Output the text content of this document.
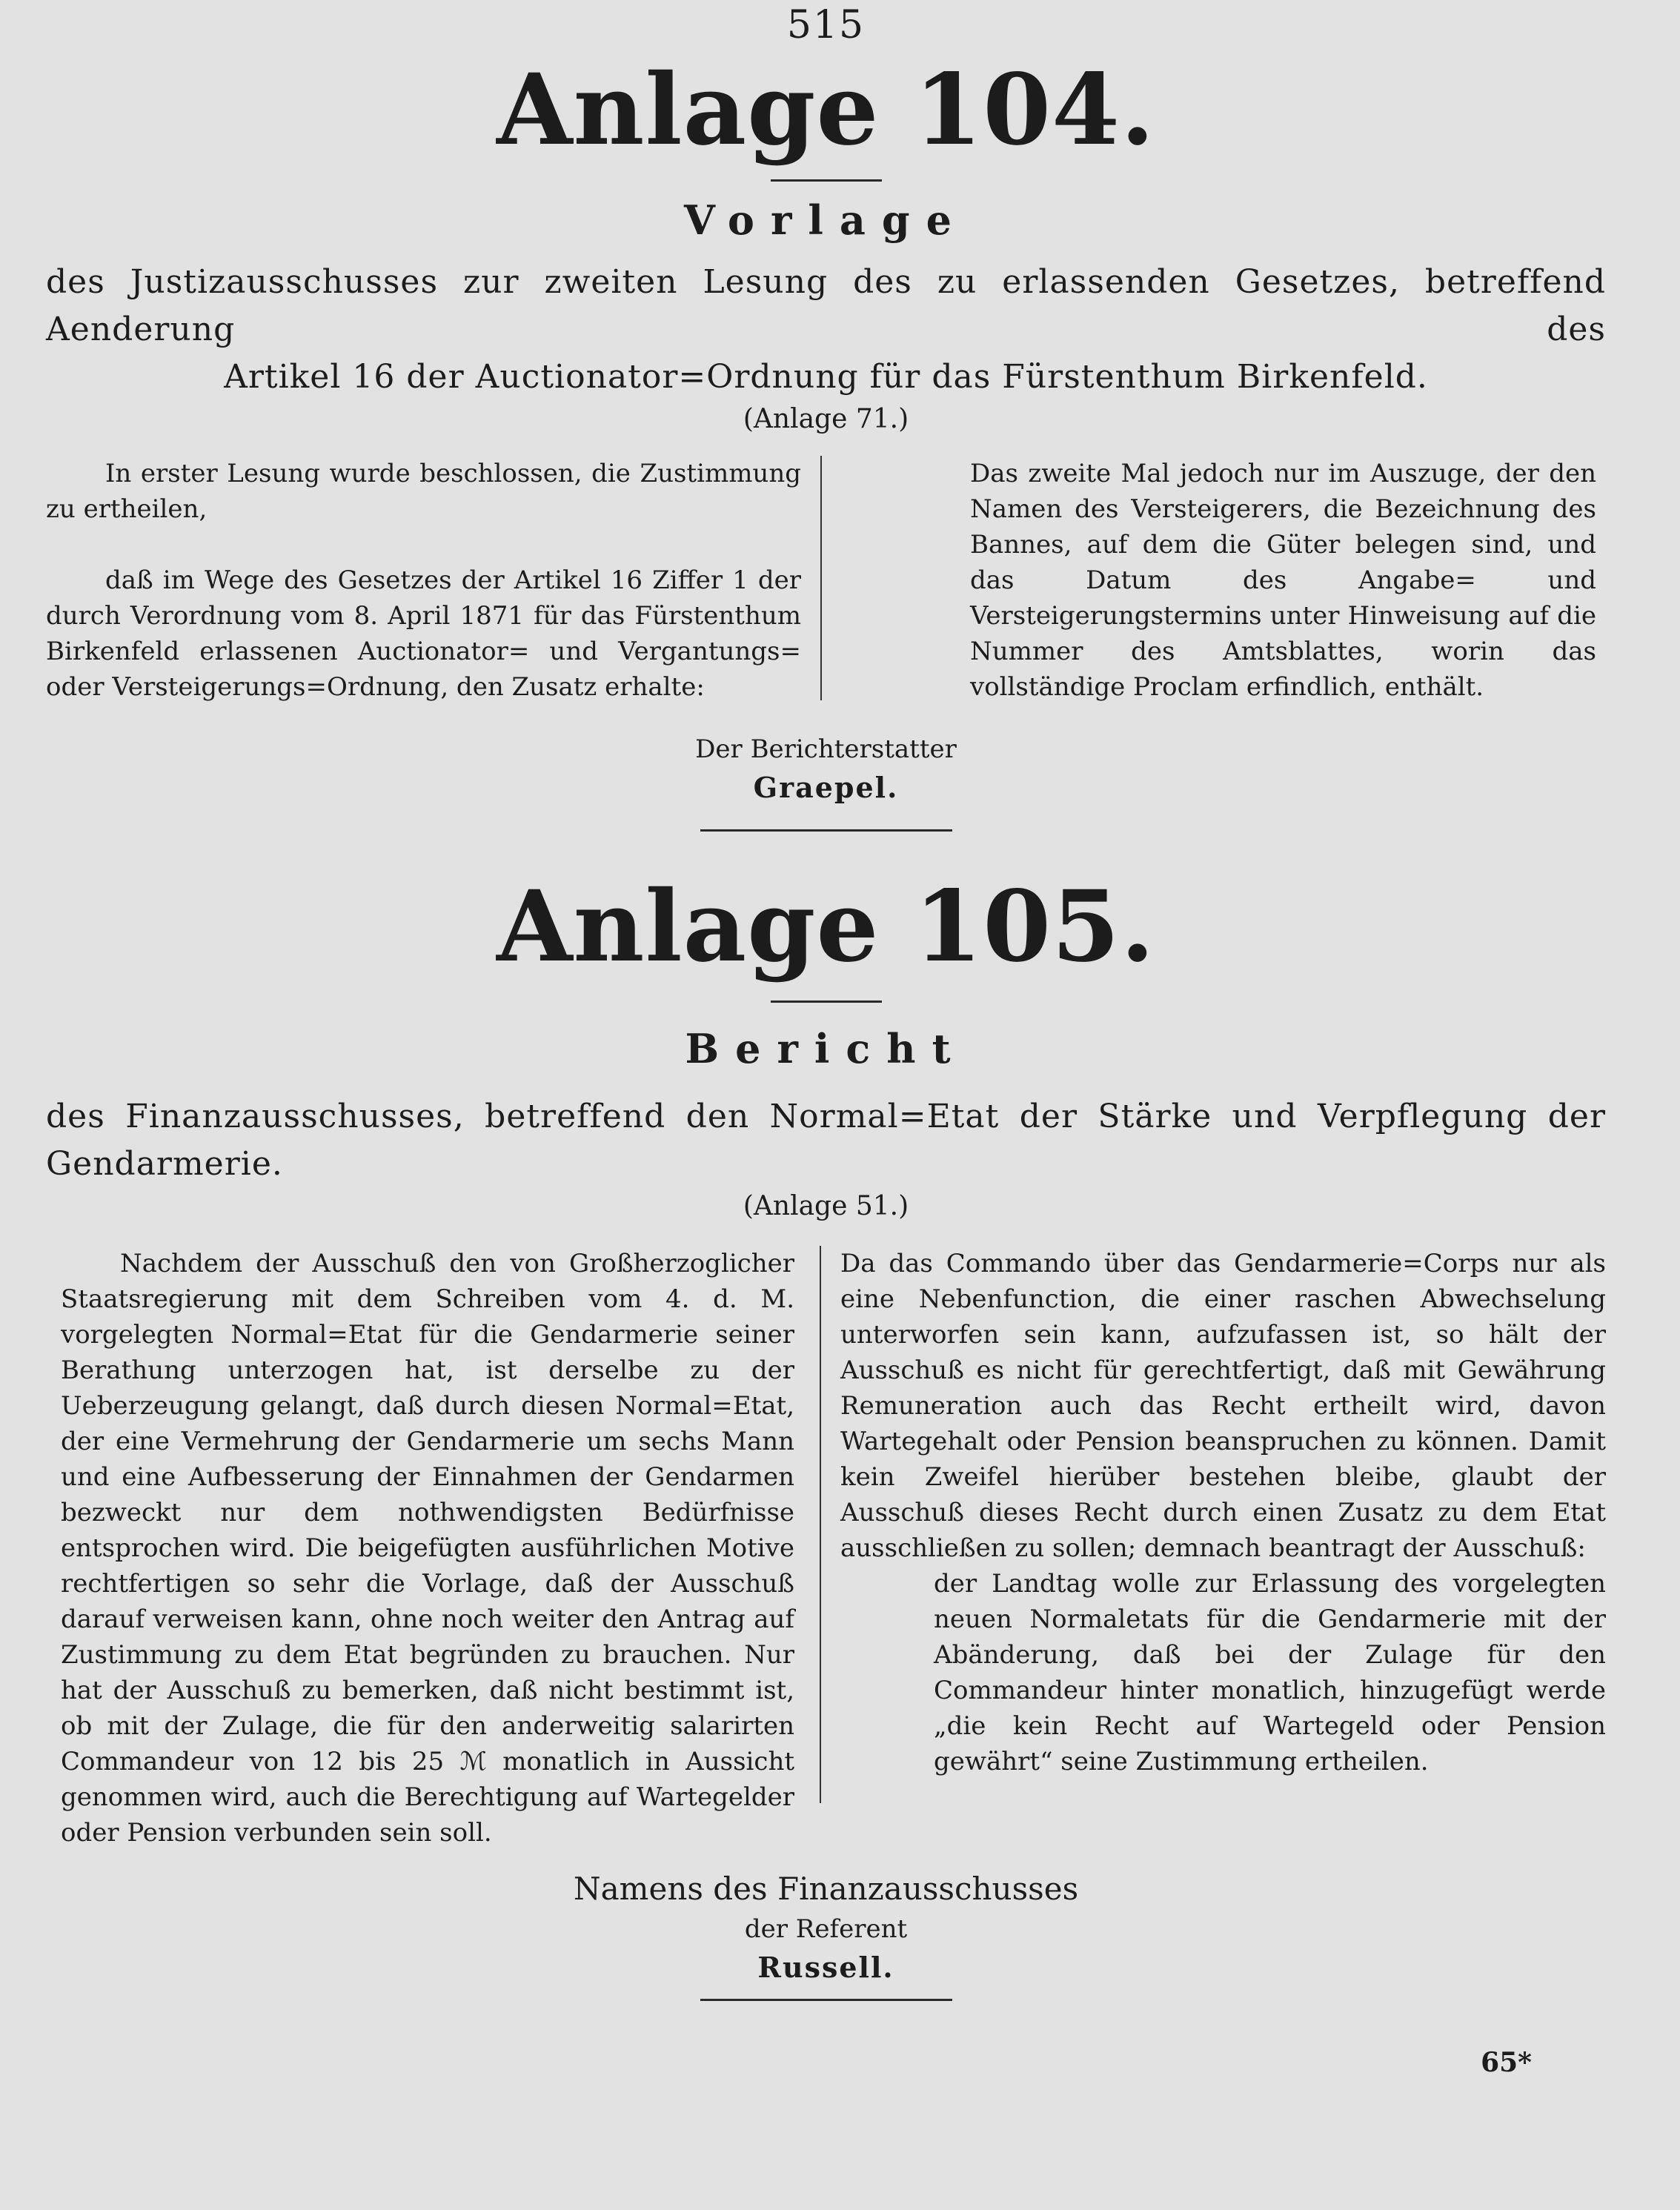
515
Anlage 104.
Vorlage

des Justizausschusses zur zweiten Lesung des zu erlassenden Gesetzes, betreffend Aenderung des

Artikel 16 der Auctionator=Ordnung für das Fürstenthum Birkenfeld.

(Anlage 71.)

In erster Lesung wurde beschlossen, die Zustimmung zu ertheilen,

daß im Wege des Gesetzes der Artikel 16 Ziffer 1 der durch Verordnung vom 8. April 1871 für das Fürstenthum Birkenfeld erlassenen Auctionator= und Vergantungs= oder Versteigerungs=Ordnung, den Zusatz erhalte:

Das zweite Mal jedoch nur im Auszuge, der den Namen des Versteigerers, die Bezeichnung des Bannes, auf dem die Güter belegen sind, und das Datum des Angabe= und Versteigerungstermins unter Hinweisung auf die Nummer des Amtsblattes, worin das vollständige Proclam erfindlich, enthält.

Der Berichterstatter
Graepel.
Anlage 105.
Bericht

des Finanzausschusses, betreffend den Normal=Etat der Stärke und Verpflegung der Gendarmerie.

(Anlage 51.)

Nachdem der Ausschuß den von Großherzoglicher Staatsregierung mit dem Schreiben vom 4. d. M. vorgelegten Normal=Etat für die Gendarmerie seiner Berathung unterzogen hat, ist derselbe zu der Ueberzeugung gelangt, daß durch diesen Normal=Etat, der eine Vermehrung der Gendarmerie um sechs Mann und eine Aufbesserung der Einnahmen der Gendarmen bezweckt nur dem nothwendigsten Bedürfnisse entsprochen wird. Die beigefügten ausführlichen Motive rechtfertigen so sehr die Vorlage, daß der Ausschuß darauf verweisen kann, ohne noch weiter den Antrag auf Zustimmung zu dem Etat begründen zu brauchen. Nur hat der Ausschuß zu bemerken, daß nicht bestimmt ist, ob mit der Zulage, die für den anderweitig salarirten Commandeur von 12 bis 25 ℳ monatlich in Aussicht genommen wird, auch die Berechtigung auf Wartegelder oder Pension verbunden sein soll.

Da das Commando über das Gendarmerie=Corps nur als eine Nebenfunction, die einer raschen Abwechselung unterworfen sein kann, aufzufassen ist, so hält der Ausschuß es nicht für gerechtfertigt, daß mit Gewährung Remuneration auch das Recht ertheilt wird, davon Wartegehalt oder Pension beanspruchen zu können. Damit kein Zweifel hierüber bestehen bleibe, glaubt der Ausschuß dieses Recht durch einen Zusatz zu dem Etat ausschließen zu sollen; demnach beantragt der Ausschuß:

der Landtag wolle zur Erlassung des vorgelegten neuen Normaletats für die Gendarmerie mit der Abänderung, daß bei der Zulage für den Commandeur hinter monatlich, hinzugefügt werde „die kein Recht auf Wartegeld oder Pension gewährt“ seine Zustimmung ertheilen.

Namens des Finanzausschusses
der Referent
Russell.
65*
